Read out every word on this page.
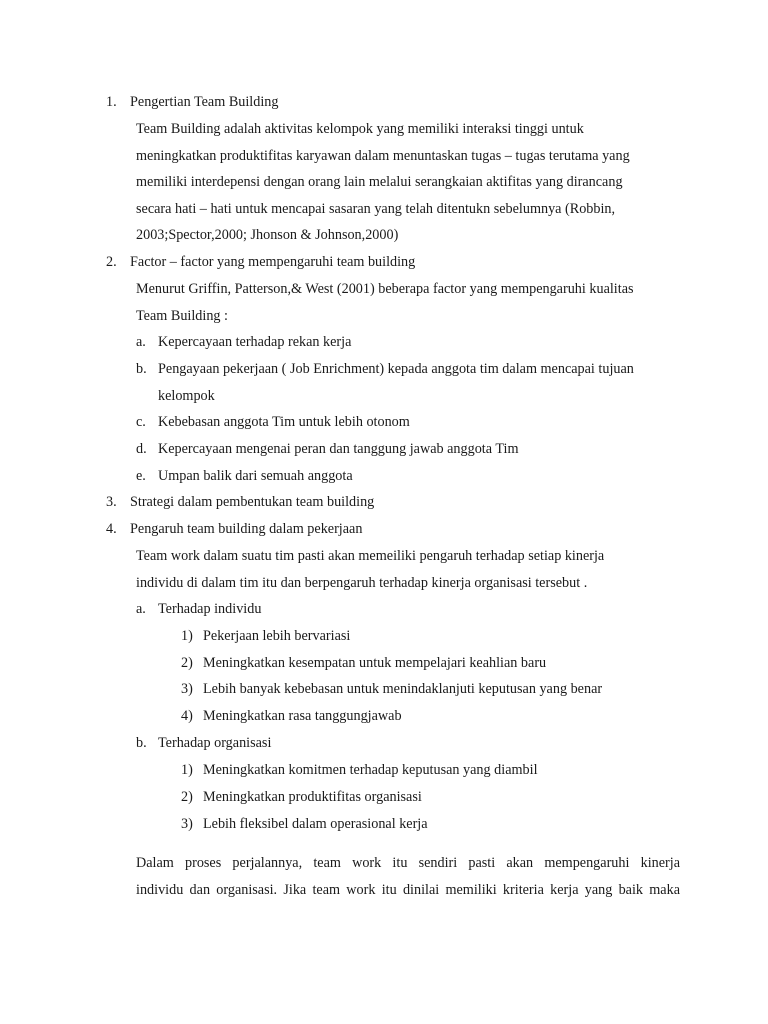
1. Pengertian Team Building
Team Building adalah aktivitas kelompok yang memiliki interaksi tinggi untuk
meningkatkan produktifitas karyawan dalam menuntaskan tugas – tugas terutama yang
memiliki interdepensi dengan orang lain melalui serangkaian aktifitas yang dirancang
secara hati – hati untuk mencapai sasaran yang telah ditentukn sebelumnya (Robbin,
2003;Spector,2000; Jhonson & Johnson,2000)
2. Factor – factor yang mempengaruhi team building
Menurut Griffin, Patterson,& West (2001) beberapa factor yang mempengaruhi kualitas
Team Building :
a. Kepercayaan terhadap rekan kerja
b. Pengayaan pekerjaan ( Job Enrichment) kepada anggota tim dalam mencapai tujuan
kelompok
c. Kebebasan anggota Tim untuk lebih otonom
d. Kepercayaan mengenai peran dan tanggung jawab anggota Tim
e. Umpan balik dari semuah anggota
3. Strategi dalam pembentukan team building
4. Pengaruh team building dalam pekerjaan
Team work dalam suatu tim pasti akan memeiliki pengaruh terhadap setiap kinerja
individu di dalam tim itu dan berpengaruh terhadap kinerja organisasi tersebut .
a. Terhadap individu
1) Pekerjaan lebih bervariasi
2) Meningkatkan kesempatan untuk mempelajari keahlian baru
3) Lebih banyak kebebasan untuk menindaklanjuti keputusan yang benar
4) Meningkatkan rasa tanggungjawab
b. Terhadap organisasi
1) Meningkatkan komitmen terhadap keputusan yang diambil
2) Meningkatkan produktifitas organisasi
3) Lebih fleksibel dalam operasional kerja
Dalam proses perjalannya, team work itu sendiri pasti akan mempengaruhi kinerja
individu dan organisasi. Jika team work itu dinilai memiliki kriteria kerja yang baik maka
